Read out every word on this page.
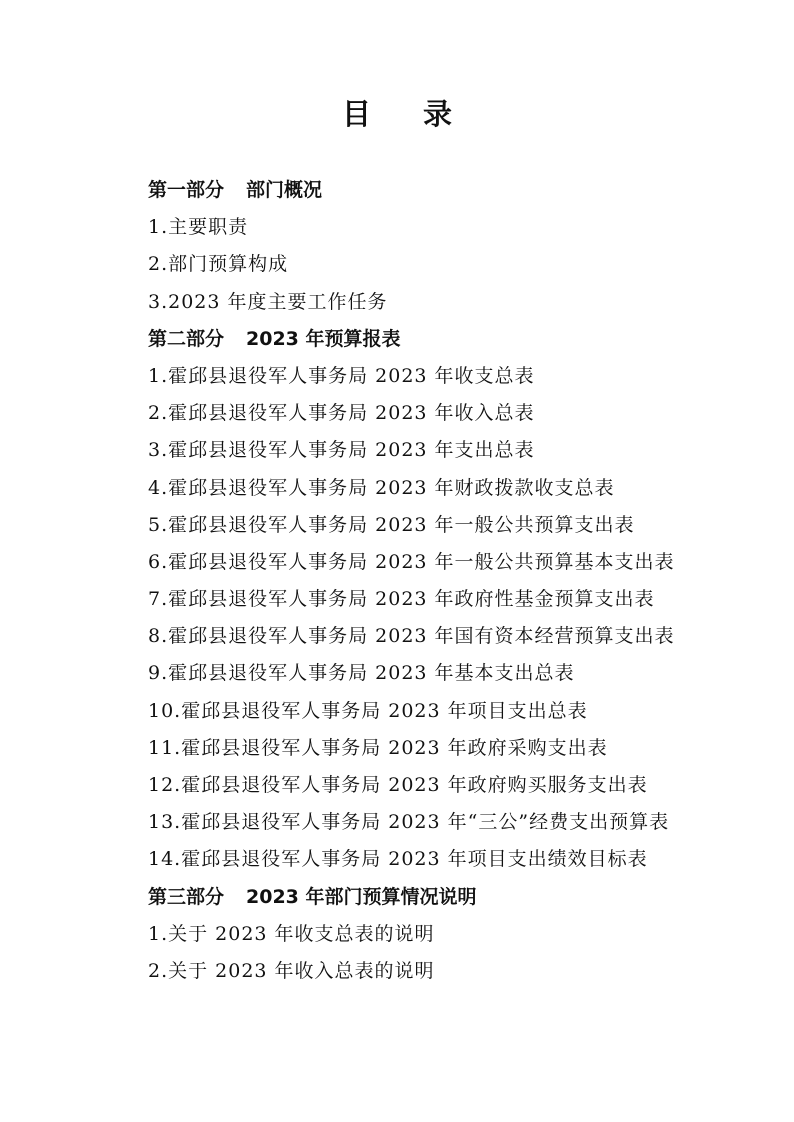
目 录
第一部分 部门概况
1.主要职责
2.部门预算构成
3.2023 年度主要工作任务
第二部分 2023 年预算报表
1.霍邱县退役军人事务局 2023 年收支总表
2.霍邱县退役军人事务局 2023 年收入总表
3.霍邱县退役军人事务局 2023 年支出总表
4.霍邱县退役军人事务局 2023 年财政拨款收支总表
5.霍邱县退役军人事务局 2023 年一般公共预算支出表
6.霍邱县退役军人事务局 2023 年一般公共预算基本支出表
7.霍邱县退役军人事务局 2023 年政府性基金预算支出表
8.霍邱县退役军人事务局 2023 年国有资本经营预算支出表
9.霍邱县退役军人事务局 2023 年基本支出总表
10.霍邱县退役军人事务局 2023 年项目支出总表
11.霍邱县退役军人事务局 2023 年政府采购支出表
12.霍邱县退役军人事务局 2023 年政府购买服务支出表
13.霍邱县退役军人事务局 2023 年“三公”经费支出预算表
14.霍邱县退役军人事务局 2023 年项目支出绩效目标表
第三部分 2023 年部门预算情况说明
1.关于 2023 年收支总表的说明
2.关于 2023 年收入总表的说明
